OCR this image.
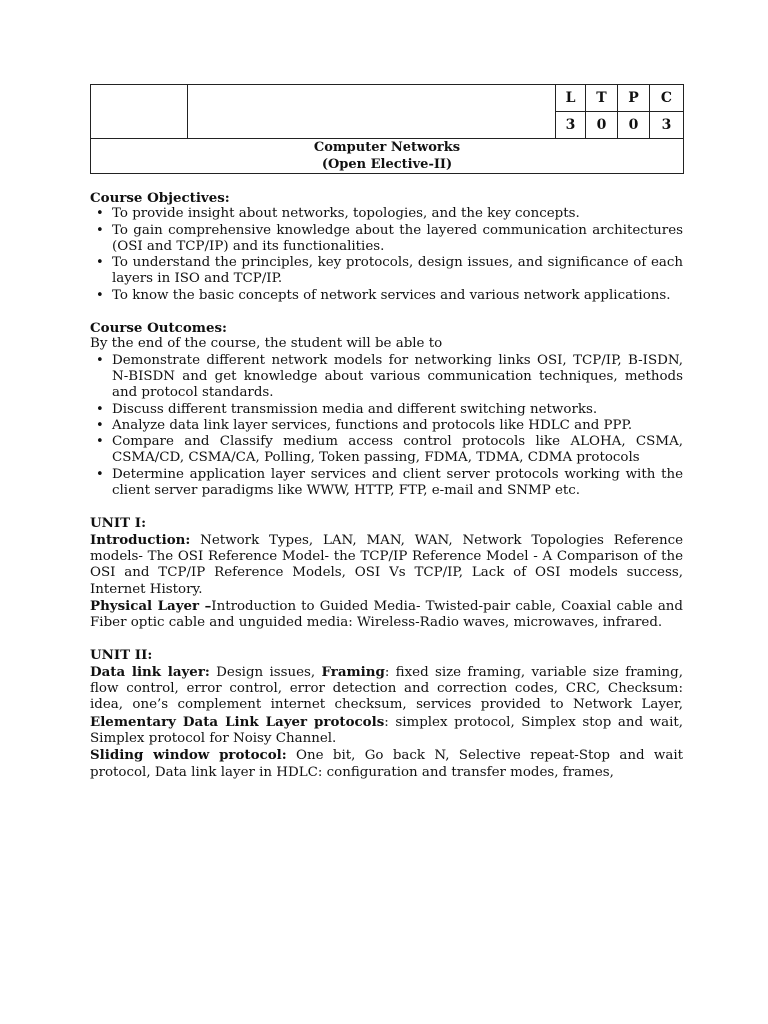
		L	T	P	C
		3	0	0	3

Computer Networks
(Open Elective-II)					

Course Objectives:

• To provide insight about networks, topologies, and the key concepts.
• To gain comprehensive knowledge about the layered communication architectures (OSI and TCP/IP) and its functionalities.
• To understand the principles, key protocols, design issues, and significance of each layers in ISO and TCP/IP.
• To know the basic concepts of network services and various network applications.

Course Outcomes:

By the end of the course, the student will be able to

• Demonstrate different network models for networking links OSI, TCP/IP, B-ISDN, N-BISDN and get knowledge about various communication techniques, methods and protocol standards.
• Discuss different transmission media and different switching networks.
• Analyze data link layer services, functions and protocols like HDLC and PPP.
• Compare and Classify medium access control protocols like ALOHA, CSMA, CSMA/CD, CSMA/CA, Polling, Token passing, FDMA, TDMA, CDMA protocols
• Determine application layer services and client server protocols working with the client server paradigms like WWW, HTTP, FTP, e-mail and SNMP etc.

UNIT I:

Introduction: Network Types, LAN, MAN, WAN, Network Topologies Reference models- The OSI Reference Model- the TCP/IP Reference Model - A Comparison of the OSI and TCP/IP Reference Models, OSI Vs TCP/IP, Lack of OSI models success, Internet History.

Physical Layer –Introduction to Guided Media- Twisted-pair cable, Coaxial cable and Fiber optic cable and unguided media: Wireless-Radio waves, microwaves, infrared.

UNIT II:

Data link layer: Design issues, Framing: fixed size framing, variable size framing, flow control, error control, error detection and correction codes, CRC, Checksum: idea, one’s complement internet checksum, services provided to Network Layer, Elementary Data Link Layer protocols: simplex protocol, Simplex stop and wait, Simplex protocol for Noisy Channel.

Sliding window protocol: One bit, Go back N, Selective repeat-Stop and wait protocol, Data link layer in HDLC: configuration and transfer modes, frames,
